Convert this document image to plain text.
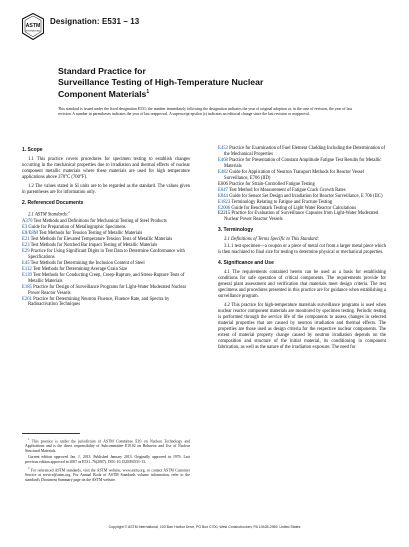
ASTM
INTERNATIONAL
Designation: E531 – 13
Standard Practice for
Surveillance Testing of High-Temperature Nuclear
Component Materials$^1$
This standard is issued under the fixed designation E531; the number immediately following the designation indicates the year of original adoption or, in the case of revision, the year of last revision. A number in parentheses indicates the year of last reapproval. A superscript epsilon (ε) indicates an editorial change since the last revision or reapproval.
1. Scope

1.1 This practice covers procedures for specimen testing to establish changes occurring in the mechanical properties due to irradiation and thermal effects of nuclear component metallic materials where these materials are used for high temperature applications above 370°C (700°F).

1.2 The values stated in SI units are to be regarded as the standard. The values given in parentheses are for information only.

2. Referenced Documents
2.1 ASTM Standards:$^2$
A370 Test Methods and Definitions for Mechanical Testing of Steel Products
E3 Guide for Preparation of Metallographic Specimens
E8/E8M Test Methods for Tension Testing of Metallic Materials
E21 Test Methods for Elevated Temperature Tension Tests of Metallic Materials
E23 Test Methods for Notched Bar Impact Testing of Metallic Materials
E29 Practice for Using Significant Digits in Test Data to Determine Conformance with Specifications
E45 Test Methods for Determining the Inclusion Content of Steel
E112 Test Methods for Determining Average Grain Size
E139 Test Methods for Conducting Creep, Creep-Rupture, and Stress-Rupture Tests of Metallic Materials
E185 Practice for Design of Surveillance Programs for Light-Water Moderated Nuclear Power Reactor Vessels
E261 Practice for Determining Neutron Fluence, Fluence Rate, and Spectra by Radioactivation Techniques
E453 Practice for Examination of Fuel Element Cladding Including the Determination of the Mechanical Properties
E468 Practice for Presentation of Constant Amplitude Fatigue Test Results for Metallic Materials
E482 Guide for Application of Neutron Transport Methods for Reactor Vessel Surveillance, E706 (IID)
E606 Practice for Strain-Controlled Fatigue Testing
E647 Test Method for Measurement of Fatigue Crack Growth Rates
E844 Guide for Sensor Set Design and Irradiation for Reactor Surveillance, E 706 (IIC)
E1823 Terminology Relating to Fatigue and Fracture Testing
E2006 Guide for Benchmark Testing of Light Water Reactor Calculations
E2215 Practice for Evaluation of Surveillance Capsules from Light-Water Moderated Nuclear Power Reactor Vessels
3. Terminology
3.1 Definitions of Terms Specific to This Standard:

3.1.1 test specimen—a coupon or a piece of metal cut from a larger metal piece which is then machined to final size for testing to determine physical or mechanical properties.

4. Significance and Use

4.1 The requirements contained herein can be used as a basis for establishing conditions for safe operation of critical components. The requirements provide for general plant assessment and verification that materials meet design criteria. The test specimens and procedures presented in this practice are for guidance when establishing a surveillance program.

4.2 This practice for high-temperature materials surveillance programs is used when nuclear reactor component materials are monitored by specimen testing. Periodic testing is performed through the service life of the components to assess changes in selected material properties that are caused by neutron irradiation and thermal effects. The properties are those used as design criteria for the respective nuclear components. The extent of material property change caused by neutron irradiation depends on the composition and structure of the initial material, its conditioning in component fabrication, as well as the nature of the irradiation exposure. The need for

$^1$ This practice is under the jurisdiction of ASTM Committee E10 on Nuclear Technology and Applications and is the direct responsibility of Subcommittee E10.02 on Behavior and Use of Nuclear Structural Materials.

Current edition approved Jan. 1, 2013. Published January 2013. Originally approved in 1976. Last previous edition approved in 2007 as E531–76(2007). DOI: 10.1520/E0531-13.

$^2$ For referenced ASTM standards, visit the ASTM website, www.astm.org, or contact ASTM Customer Service at service@astm.org. For Annual Book of ASTM Standards volume information, refer to the standard's Document Summary page on the ASTM website.

Copyright © ASTM International, 100 Barr Harbor Drive, PO Box C700, West Conshohocken, PA 19428-2959. United States
